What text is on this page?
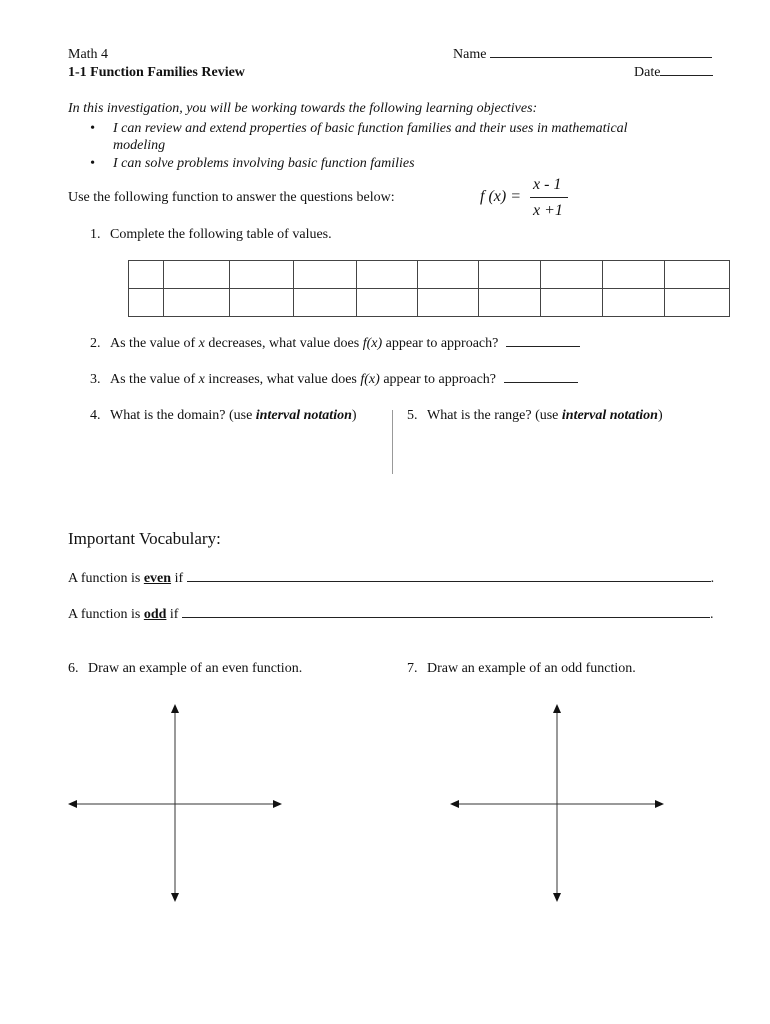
Math 4
1-1 Function Families Review
Name
Date
In this investigation, you will be working towards the following learning objectives:
• I can review and extend properties of basic function families and their uses in mathematical
modeling
• I can solve problems involving basic function families
Use the following function to answer the questions below:	f (x) =
x - 1
x +1
1. Complete the following table of values.

2. As the value of x decreases, what value does f(x) appear to approach?
3. As the value of x increases, what value does f(x) appear to approach?
4. What is the domain? (use interval notation)	5. What is the range? (use interval notation)
Important Vocabulary:
A function is even if	.
A function is odd if	.
6. Draw an example of an even function.	7. Draw an example of an odd function.
